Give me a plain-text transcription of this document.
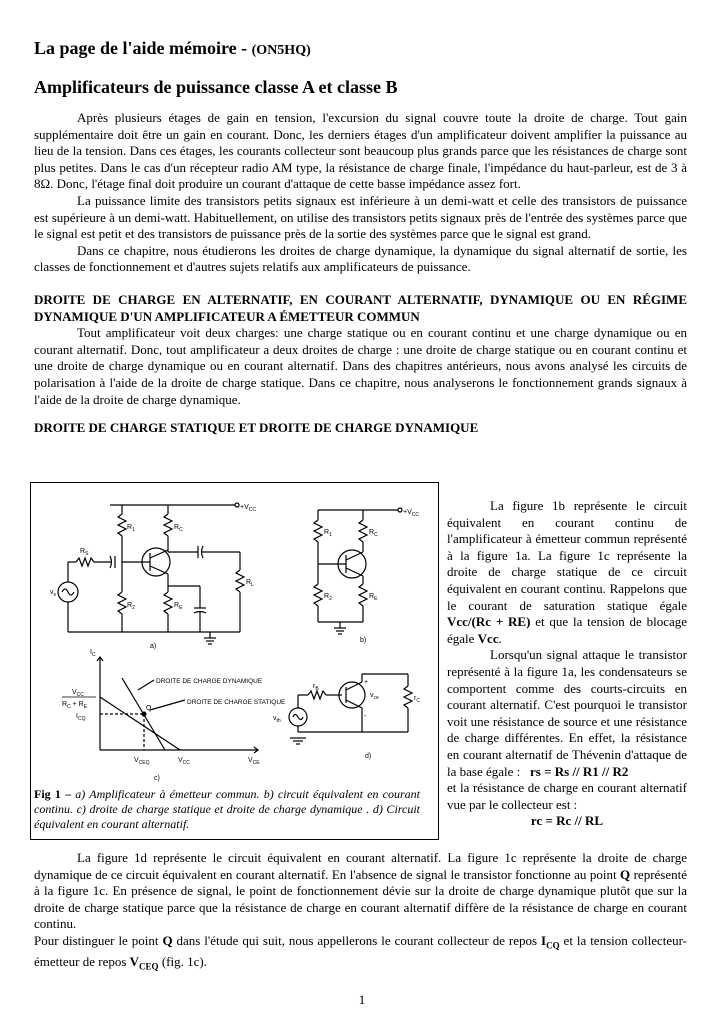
La page de l'aide mémoire - (ON5HQ)
Amplificateurs de puissance classe A et classe B

Après plusieurs étages de gain en tension, l'excursion du signal couvre toute la droite de charge. Tout gain supplémentaire doit être un gain en courant. Donc, les derniers étages d'un amplificateur doivent amplifier la puissance au lieu de la tension. Dans ces étages, les courants collecteur sont beaucoup plus grands parce que les résistances de charge sont plus petites. Dans le cas d'un récepteur radio AM type, la résistance de charge finale, l'impédance du haut-parleur, est de 3 à 8Ω. Donc, l'étage final doit produire un courant d'attaque de cette basse impédance assez fort.

La puissance limite des transistors petits signaux est inférieure à un demi-watt et celle des transistors de puissance est supérieure à un demi-watt. Habituellement, on utilise des transistors petits signaux près de l'entrée des systèmes parce que le signal est petit et des transistors de puissance près de la sortie des systèmes parce que le signal est grand.

Dans ce chapitre, nous étudierons les droites de charge dynamique, la dynamique du signal alternatif de sortie, les classes de fonctionnement et d'autres sujets relatifs aux amplificateurs de puissance.

DROITE DE CHARGE EN ALTERNATIF, EN COURANT ALTERNATIF, DYNAMIQUE OU EN RÉGIME DYNAMIQUE D'UN AMPLIFICATEUR A ÉMETTEUR COMMUN

Tout amplificateur voit deux charges: une charge statique ou en courant continu et une charge dynamique ou en courant alternatif. Donc, tout amplificateur a deux droites de charge : une droite de charge statique ou en courant continu et une droite de charge dynamique ou en courant alternatif. Dans des chapitres antérieurs, nous avons analysé les circuits de polarisation à l'aide de la droite de charge statique. Dans ce chapitre, nous analyserons le fonctionnement grands signaux à l'aide de la droite de charge dynamique.

DROITE DE CHARGE STATIQUE ET DROITE DE CHARGE DYNAMIQUE

$+V_{CC}$
$R_1$
$R_2$
$R_C$
$R_E$
$R_S$
$R_L$
$v_s$
a)
$+V_{CC}$
$R_1$
$R_2$
$R_C$
$R_E$
b)
$I_C$
$V_{CE}$
DROITE DE CHARGE DYNAMIQUE
DROITE DE CHARGE STATIQUE
Q
$I_{CQ}$
$V_{CEQ}$	$V_{CC}$
$V_{CC}$
$R_C + R_E$
c)
$r_B$
$v_{th}$
$v_{ce}$	$r_C$
+
-
d)
Fig 1 – a) Amplificateur à émetteur commun. b) circuit équivalent en courant continu. c) droite de charge statique et droite de charge dynamique . d) Circuit équivalent en courant alternatif.

La figure 1b représente le circuit équivalent en courant continu de l'amplificateur à émetteur commun représenté à la figure 1a. La figure 1c représente la droite de charge statique de ce circuit équivalent en courant continu. Rappelons que le courant de saturation statique égale Vcc/(Rc + RE) et que la tension de blocage égale Vcc.

Lorsqu'un signal attaque le transistor représenté à la figure 1a, les condensateurs se comportent comme des courts-circuits en courant alternatif. C'est pourquoi le transistor voit une résistance de source et une résistance de charge différentes. En effet, la résistance en courant alternatif de Thévenin d'attaque de la base égale : rs = Rs // R1 // R2

et la résistance de charge en courant alternatif vue par le collecteur est :

rc = Rc // RL

La figure 1d représente le circuit équivalent en courant alternatif. La figure 1c représente la droite de charge dynamique de ce circuit équivalent en courant alternatif. En l'absence de signal le transistor fonctionne au point Q représenté à la figure 1c. En présence de signal, le point de fonctionnement dévie sur la droite de charge dynamique plutôt que sur la droite de charge statique parce que la résistance de charge en courant alternatif diffère de la résistance de charge en courant continu.

Pour distinguer le point Q dans l'étude qui suit, nous appellerons le courant collecteur de repos $I_{CQ}$ et la tension collecteur-émetteur de repos $V_{CEQ}$ (fig. 1c).

1
